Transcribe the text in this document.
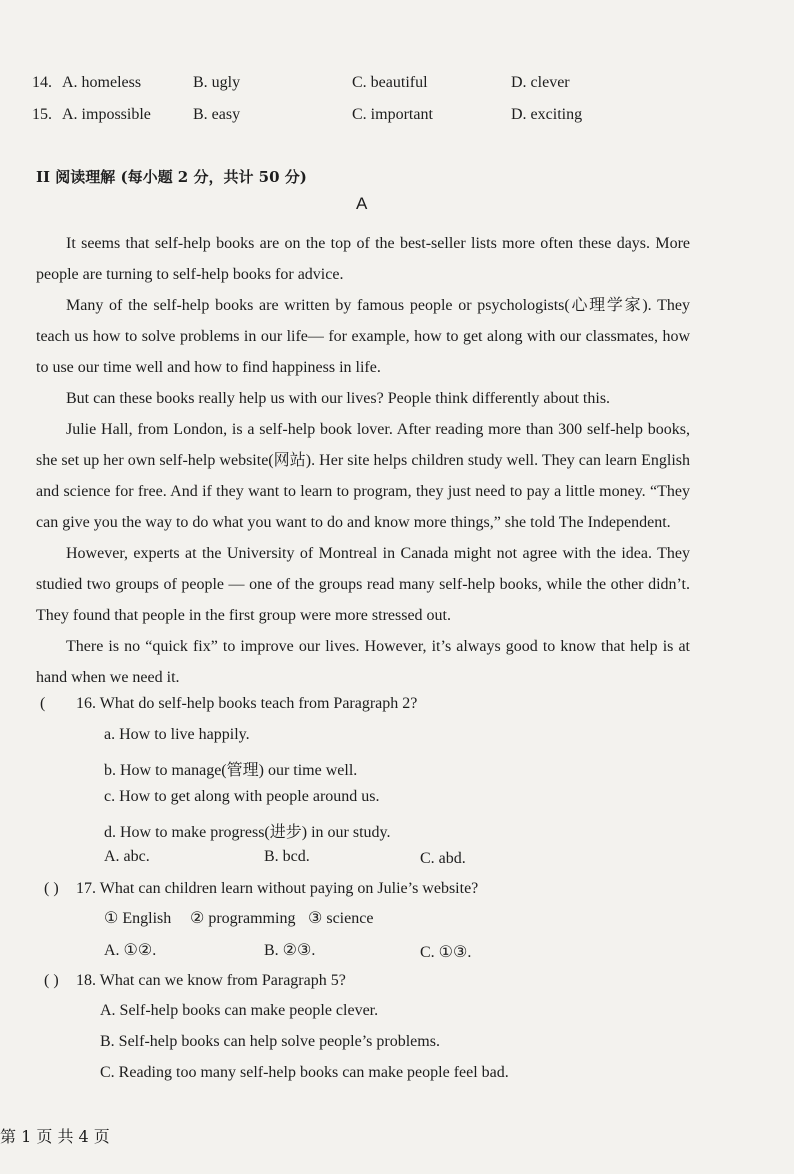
14. A. homeless	B. ugly	C. beautiful	D. clever
15. A. impossible	B. easy	C. important	D. exciting
II 阅读理解 (每小题 2 分，共计 50 分)
A

It seems that self-help books are on the top of the best-seller lists more often these days. More people are turning to self-help books for advice.

Many of the self-help books are written by famous people or psychologists(心理学家). They teach us how to solve problems in our life— for example, how to get along with our classmates, how to use our time well and how to find happiness in life.

But can these books really help us with our lives? People think differently about this.

Julie Hall, from London, is a self-help book lover. After reading more than 300 self-help books, she set up her own self-help website(网站). Her site helps children study well. They can learn English and science for free. And if they want to learn to program, they just need to pay a little money. “They can give you the way to do what you want to do and know more things,” she told The Independent.

However, experts at the University of Montreal in Canada might not agree with the idea. They studied two groups of people — one of the groups read many self-help books, while the other didn’t. They found that people in the first group were more stressed out.

There is no “quick fix” to improve our lives. However, it’s always good to know that help is at hand when we need it.

( 16. What do self-help books teach from Paragraph 2?
a. How to live happily.
b. How to manage(管理) our time well.
c. How to get along with people around us.
d. How to make progress(进步) in our study.
A. abc.	B. bcd.	C. abd.
( ) 17. What can children learn without paying on Julie’s website?
① English ② programming ③ science
A. ①②.	B. ②③.	C. ①③.
( ) 18. What can we know from Paragraph 5?
A. Self-help books can make people clever.
B. Self-help books can help solve people’s problems.
C. Reading too many self-help books can make people feel bad.
第 1 页 共 4 页
